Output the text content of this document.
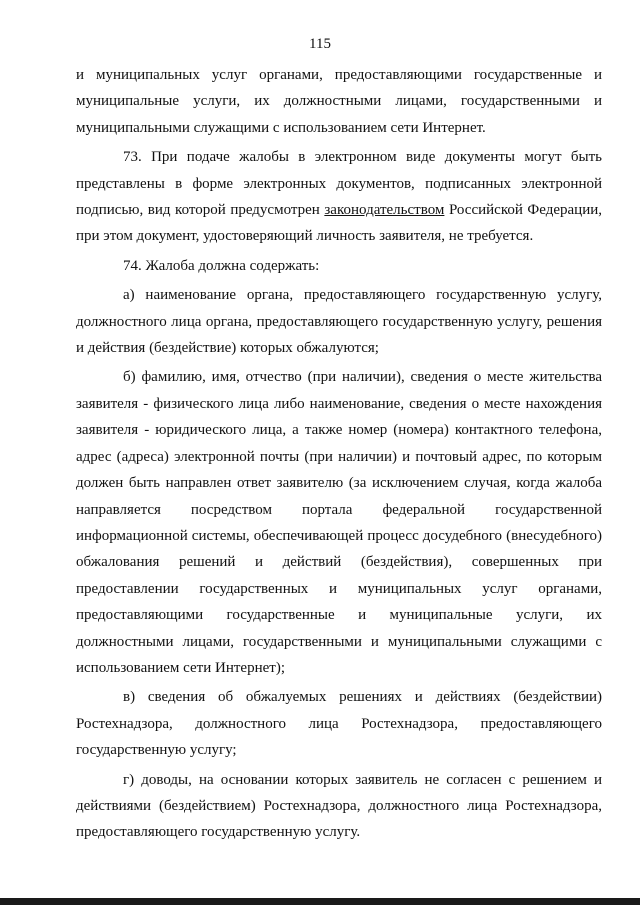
115

и муниципальных услуг органами, предоставляющими государственные и муниципальные услуги, их должностными лицами, государственными и муниципальными служащими с использованием сети Интернет.

73. При подаче жалобы в электронном виде документы могут быть представлены в форме электронных документов, подписанных электронной подписью, вид которой предусмотрен законодательством Российской Федерации, при этом документ, удостоверяющий личность заявителя, не требуется.

74. Жалоба должна содержать:

а) наименование органа, предоставляющего государственную услугу, должностного лица органа, предоставляющего государственную услугу, решения и действия (бездействие) которых обжалуются;

б) фамилию, имя, отчество (при наличии), сведения о месте жительства заявителя - физического лица либо наименование, сведения о месте нахождения заявителя - юридического лица, а также номер (номера) контактного телефона, адрес (адреса) электронной почты (при наличии) и почтовый адрес, по которым должен быть направлен ответ заявителю (за исключением случая, когда жалоба направляется посредством портала федеральной государственной информационной системы, обеспечивающей процесс досудебного (внесудебного) обжалования решений и действий (бездействия), совершенных при предоставлении государственных и муниципальных услуг органами, предоставляющими государственные и муниципальные услуги, их должностными лицами, государственными и муниципальными служащими с использованием сети Интернет);

в) сведения об обжалуемых решениях и действиях (бездействии) Ростехнадзора, должностного лица Ростехнадзора, предоставляющего государственную услугу;

г) доводы, на основании которых заявитель не согласен с решением и действиями (бездействием) Ростехнадзора, должностного лица Ростехнадзора, предоставляющего государственную услугу.
